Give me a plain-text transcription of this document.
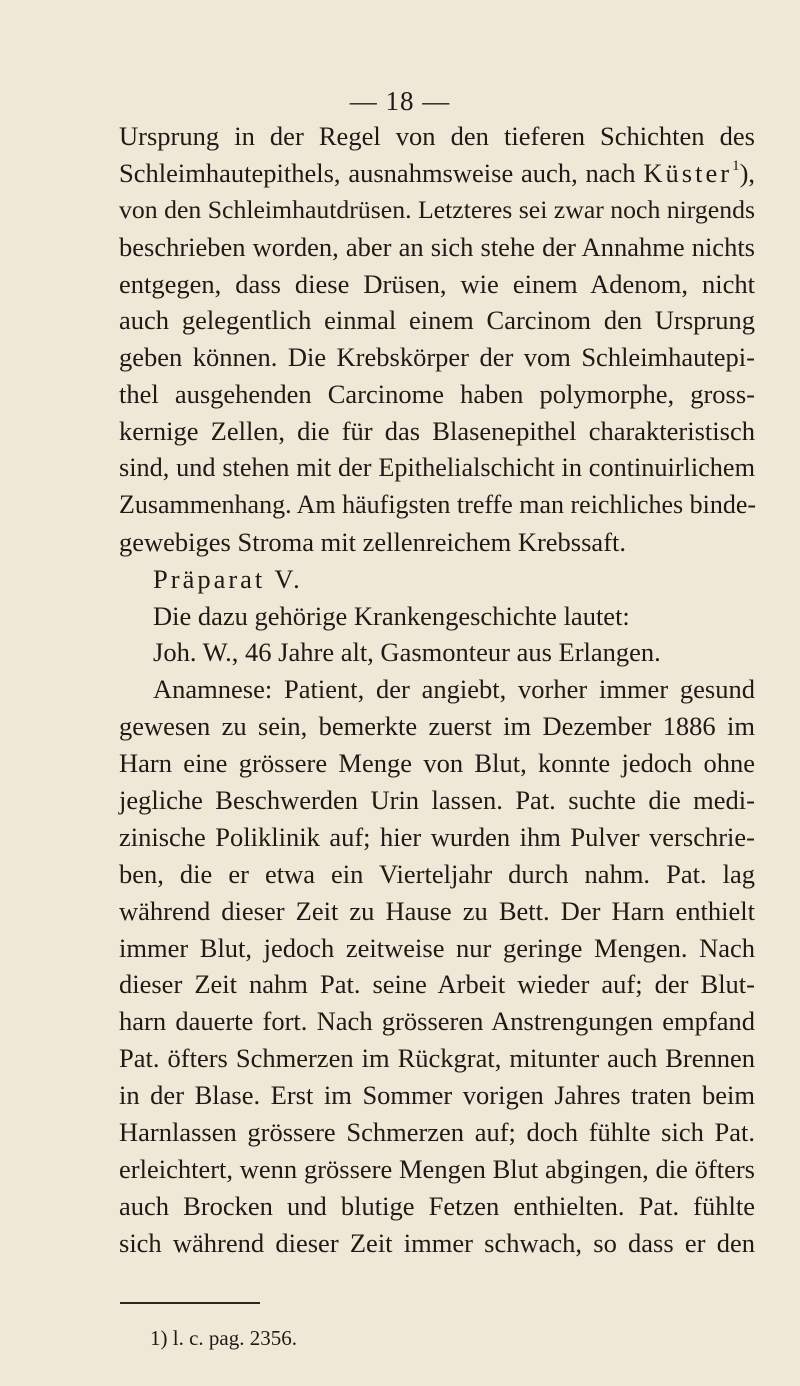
— 18 —
Ursprung in der Regel von den tieferen Schichten des
Schleimhautepithels, ausnahmsweise auch, nach Küster$^1$),
von den Schleimhautdrüsen. Letzteres sei zwar noch nirgends
beschrieben worden, aber an sich stehe der Annahme nichts
entgegen, dass diese Drüsen, wie einem Adenom, nicht
auch gelegentlich einmal einem Carcinom den Ursprung
geben können. Die Krebskörper der vom Schleimhautepi-
thel ausgehenden Carcinome haben polymorphe, gross-
kernige Zellen, die für das Blasenepithel charakteristisch
sind, und stehen mit der Epithelialschicht in continuirlichem
Zusammenhang. Am häufigsten treffe man reichliches binde-
gewebiges Stroma mit zellenreichem Krebssaft.
Präparat V.
Die dazu gehörige Krankengeschichte lautet:
Joh. W., 46 Jahre alt, Gasmonteur aus Erlangen.
Anamnese: Patient, der angiebt, vorher immer gesund
gewesen zu sein, bemerkte zuerst im Dezember 1886 im
Harn eine grössere Menge von Blut, konnte jedoch ohne
jegliche Beschwerden Urin lassen. Pat. suchte die medi-
zinische Poliklinik auf; hier wurden ihm Pulver verschrie-
ben, die er etwa ein Vierteljahr durch nahm. Pat. lag
während dieser Zeit zu Hause zu Bett. Der Harn enthielt
immer Blut, jedoch zeitweise nur geringe Mengen. Nach
dieser Zeit nahm Pat. seine Arbeit wieder auf; der Blut-
harn dauerte fort. Nach grösseren Anstrengungen empfand
Pat. öfters Schmerzen im Rückgrat, mitunter auch Brennen
in der Blase. Erst im Sommer vorigen Jahres traten beim
Harnlassen grössere Schmerzen auf; doch fühlte sich Pat.
erleichtert, wenn grössere Mengen Blut abgingen, die öfters
auch Brocken und blutige Fetzen enthielten. Pat. fühlte
sich während dieser Zeit immer schwach, so dass er den
1) l. c. pag. 2356.
